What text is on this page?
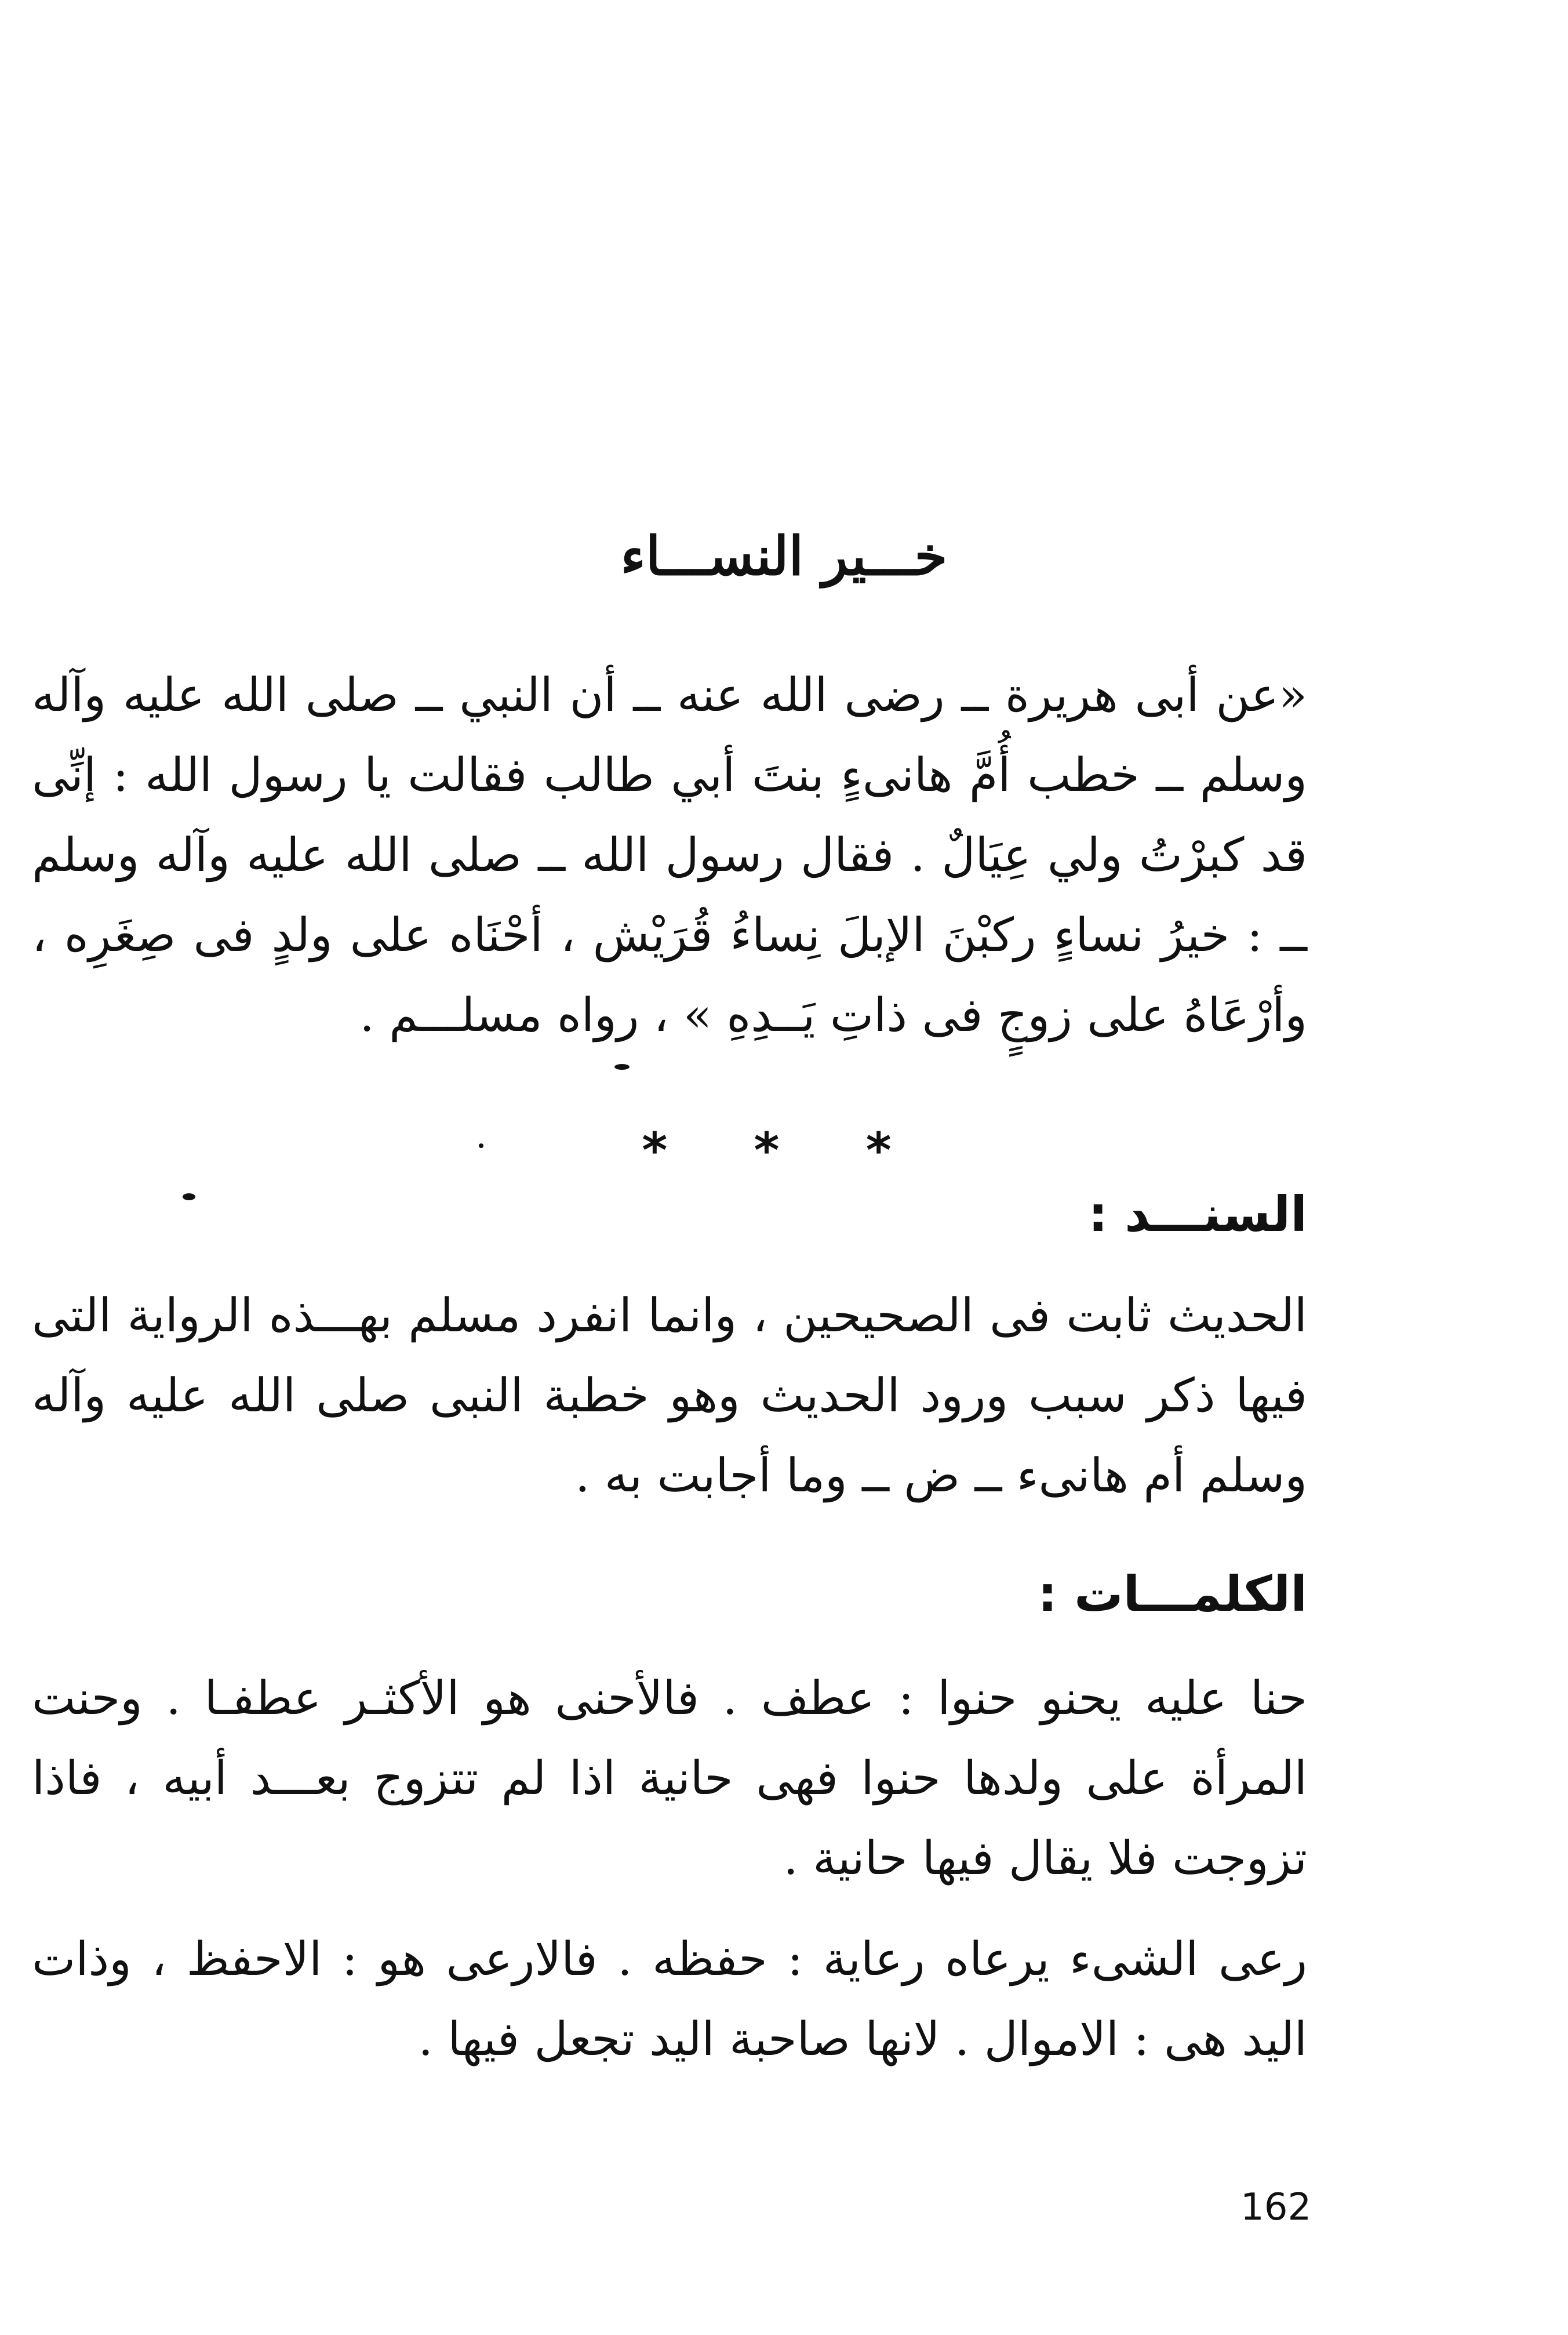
خـــير النســـاء
«عن أبى هريرة ــ رضى الله عنه ــ أن النبي ــ صلى الله عليه وآله وسلم ــ خطب أُمَّ هانىءٍ بنتَ أبي طالب فقالت يا رسول الله : إنِّى قد كبرْتُ ولي عِيَالٌ . فقال رسول الله ــ صلى الله عليه وآله وسلم ــ : خيرُ نساءٍ ركبْنَ الإبلَ نِساءُ قُرَيْش ، أحْنَاه على ولدٍ فى صِغَرِه ، وأرْعَاهُ على زوجٍ فى ذاتِ يَــدِهِ » ، رواه مسلـــم .
* * *
السنـــد :
الحديث ثابت فى الصحيحين ، وانما انفرد مسلم بهـــذه الرواية التى فيها ذكر سبب ورود الحديث وهو خطبة النبى صلى الله عليه وآله وسلم أم هانىء ــ ض ــ وما أجابت به .
الكلمـــات :
حنا عليه يحنو حنوا : عطف . فالأحنى هو الأكثـر عطفـا . وحنت المرأة على ولدها حنوا فهى حانية اذا لم تتزوج بعـــد أبيه ، فاذا تزوجت فلا يقال فيها حانية .
رعى الشىء يرعاه رعاية : حفظه . فالارعى هو : الاحفظ ، وذات اليد هى : الاموال . لانها صاحبة اليد تجعل فيها .
162
